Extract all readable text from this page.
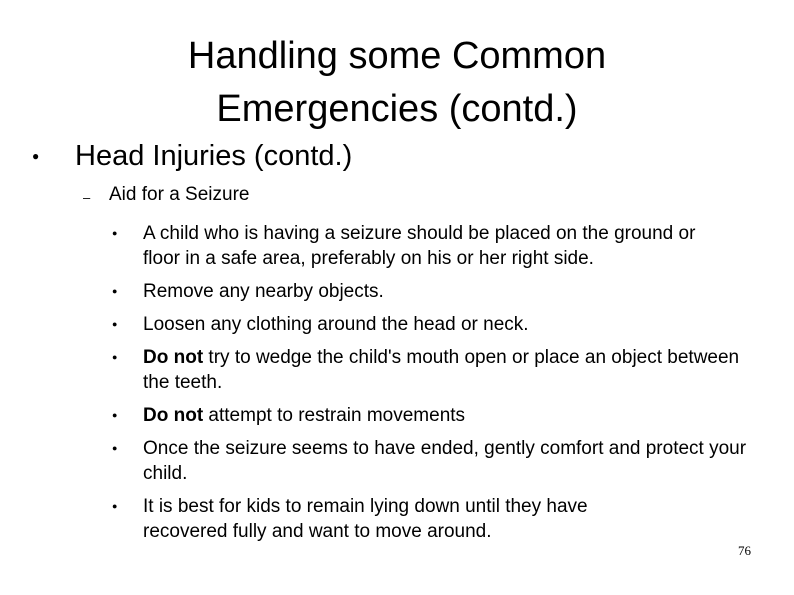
Handling some Common
Emergencies (contd.)
●	Head Injuries (contd.)
– Aid for a Seizure
●	A child who is having a seizure should be placed on the ground or floor in a safe area, preferably on his or her right side.
●	Remove any nearby objects.
●	Loosen any clothing around the head or neck.
●	Do not try to wedge the child's mouth open or place an object between the teeth.
●	Do not attempt to restrain movements
●	Once the seizure seems to have ended, gently comfort and protect your child.
●	It is best for kids to remain lying down until they have recovered fully and want to move around.
76
